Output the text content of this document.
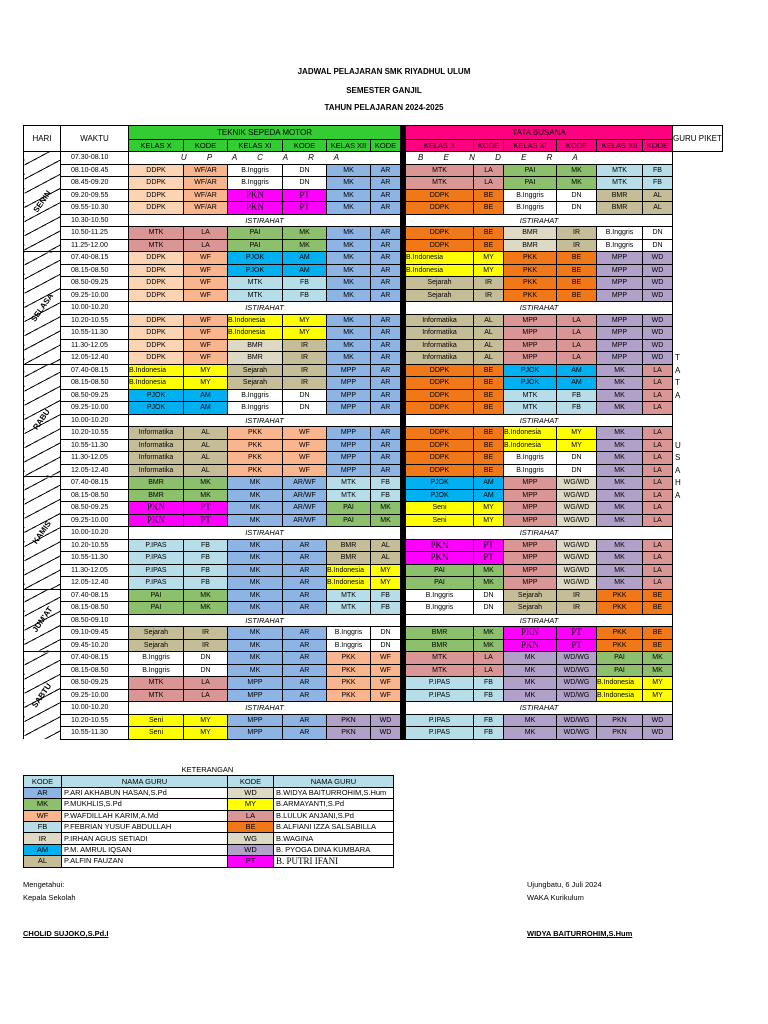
JADWAL PELAJARAN SMK RIYADHUL ULUM
SEMESTER GANJIL
TAHUN PELAJARAN 2024-2025
HARI	WAKTU	TEKNIK SEPEDA MOTOR							TATA BUSANA						GURU PIKET
		KELAS X	KODE	KELAS XI	KODE	KELAS XII	KODE		KELAS X	KODE	KELAS XI	KODE	KELAS XII	KODE	
SENIN	07.30-08.10	U P A C A R A							B E N D E R A						
	08.10-08.45	DDPK	WF/AR	B.Inggris	DN	MK	AR		MTK	LA	PAI	MK	MTK	FB	
	08.45-09.20	DDPK	WF/AR	B.Inggris	DN	MK	AR		MTK	LA	PAI	MK	MTK	FB	
	09.20-09.55	DDPK	WF/AR	PKN	PT	MK	AR		DDPK	BE	B.Inggris	DN	BMR	AL	
	09.55-10.30	DDPK	WF/AR	PKN	PT	MK	AR		DDPK	BE	B.Inggris	DN	BMR	AL	
	10.30-10.50	ISTIRAHAT							ISTIRAHAT						
	10.50-11.25	MTK	LA	PAI	MK	MK	AR		DDPK	BE	BMR	IR	B.Inggris	DN	
	11.25-12.00	MTK	LA	PAI	MK	MK	AR		DDPK	BE	BMR	IR	B.Inggris	DN	
SELASA	07.40-08.15	DDPK	WF	PJOK	AM	MK	AR		B.Indonesia	MY	PKK	BE	MPP	WD	
	08.15-08.50	DDPK	WF	PJOK	AM	MK	AR		B.Indonesia	MY	PKK	BE	MPP	WD	
	08.50-09.25	DDPK	WF	MTK	FB	MK	AR		Sejarah	IR	PKK	BE	MPP	WD	
	09.25-10.00	DDPK	WF	MTK	FB	MK	AR		Sejarah	IR	PKK	BE	MPP	WD	
	10.00-10.20	ISTIRAHAT							ISTIRAHAT						
	10.20-10.55	DDPK	WF	B.Indonesia	MY	MK	AR		Informatika	AL	MPP	LA	MPP	WD	
	10.55-11.30	DDPK	WF	B.Indonesia	MY	MK	AR		Informatika	AL	MPP	LA	MPP	WD	
	11.30-12.05	DDPK	WF	BMR	IR	MK	AR		Informatika	AL	MPP	LA	MPP	WD	
	12.05-12.40	DDPK	WF	BMR	IR	MK	AR		Informatika	AL	MPP	LA	MPP	WD	T
RABU	07.40-08.15	B.Indonesia	MY	Sejarah	IR	MPP	AR		DDPK	BE	PJOK	AM	MK	LA	A
	08.15-08.50	B.Indonesia	MY	Sejarah	IR	MPP	AR		DDPK	BE	PJOK	AM	MK	LA	T
	08.50-09.25	PJOK	AM	B.Inggris	DN	MPP	AR		DDPK	BE	MTK	FB	MK	LA	A
	09.25-10.00	PJOK	AM	B.Inggris	DN	MPP	AR		DDPK	BE	MTK	FB	MK	LA	
	10.00-10.20	ISTIRAHAT							ISTIRAHAT						
	10.20-10.55	Informatika	AL	PKK	WF	MPP	AR		DDPK	BE	B.Indonesia	MY	MK	LA	
	10.55-11.30	Informatika	AL	PKK	WF	MPP	AR		DDPK	BE	B.Indonesia	MY	MK	LA	U
	11.30-12.05	Informatika	AL	PKK	WF	MPP	AR		DDPK	BE	B.Inggris	DN	MK	LA	S
	12.05-12.40	Informatika	AL	PKK	WF	MPP	AR		DDPK	BE	B.Inggris	DN	MK	LA	A
KAMIS	07.40-08.15	BMR	MK	MK	AR/WF	MTK	FB		PJOK	AM	MPP	WG/WD	MK	LA	H
	08.15-08.50	BMR	MK	MK	AR/WF	MTK	FB		PJOK	AM	MPP	WG/WD	MK	LA	A
	08.50-09.25	PKN	PT	MK	AR/WF	PAI	MK		Seni	MY	MPP	WG/WD	MK	LA	
	09.25-10.00	PKN	PT	MK	AR/WF	PAI	MK		Seni	MY	MPP	WG/WD	MK	LA	
	10.00-10.20	ISTIRAHAT							ISTIRAHAT						
	10.20-10.55	P.IPAS	FB	MK	AR	BMR	AL		PKN	PT	MPP	WG/WD	MK	LA	
	10.55-11.30	P.IPAS	FB	MK	AR	BMR	AL		PKN	PT	MPP	WG/WD	MK	LA	
	11.30-12.05	P.IPAS	FB	MK	AR	B.Indonesia	MY		PAI	MK	MPP	WG/WD	MK	LA	
	12.05-12.40	P.IPAS	FB	MK	AR	B.Indonesia	MY		PAI	MK	MPP	WG/WD	MK	LA	
JUM'AT	07.40-08.15	PAI	MK	MK	AR	MTK	FB		B.Inggris	DN	Sejarah	IR	PKK	BE	
	08.15-08.50	PAI	MK	MK	AR	MTK	FB		B.Inggris	DN	Sejarah	IR	PKK	BE	
	08.50-09.10	ISTIRAHAT							ISTIRAHAT						
	09.10-09.45	Sejarah	IR	MK	AR	B.Inggris	DN		BMR	MK	PKN	PT	PKK	BE	
	09.45-10.20	Sejarah	IR	MK	AR	B.Inggris	DN		BMR	MK	PKN	PT	PKK	BE	
SABTU	07.40-08.15	B.Inggris	DN	MK	AR	PKK	WF		MTK	LA	MK	WD/WG	PAI	MK	
	08.15-08.50	B.Inggris	DN	MK	AR	PKK	WF		MTK	LA	MK	WD/WG	PAI	MK	
	08.50-09.25	MTK	LA	MPP	AR	PKK	WF		P.IPAS	FB	MK	WD/WG	B.Indonesia	MY	
	09.25-10.00	MTK	LA	MPP	AR	PKK	WF		P.IPAS	FB	MK	WD/WG	B.Indonesia	MY	
	10.00-10.20	ISTIRAHAT							ISTIRAHAT						
	10.20-10.55	Seni	MY	MPP	AR	PKN	WD		P.IPAS	FB	MK	WD/WG	PKN	WD	
	10.55-11.30	Seni	MY	MPP	AR	PKN	WD		P.IPAS	FB	MK	WD/WG	PKN	WD	
KETERANGAN			
KODE	NAMA GURU	KODE	NAMA GURU
AR	P.ARI AKHABUN HASAN,S.Pd	WD	B.WIDYA BAITURROHIM,S.Hum
MK	P.MUKHLIS,S.Pd	MY	B.ARMAYANTI,S.Pd
WF	P.WAFDILLAH KARIM,A.Md	LA	B.LULUK ANJANI,S.Pd
FB	P.FEBRIAN YUSUF ABDULLAH	BE	B.ALFIANI IZZA SALSABILLA
IR	P.IRHAN AGUS SETIADI	WG	B.WAGINA
AM	P.M. AMRUL IQSAN	WD	B. PYOGA DINA KUMBARA
AL	P.ALFIN FAUZAN	PT	B. PUTRI IFANI
Mengetahui:
Kepala Sekolah
CHOLID SUJOKO,S.Pd.I
Ujungbatu, 6 Juli 2024
WAKA Kurikulum
WIDYA BAITURROHIM,S.Hum
